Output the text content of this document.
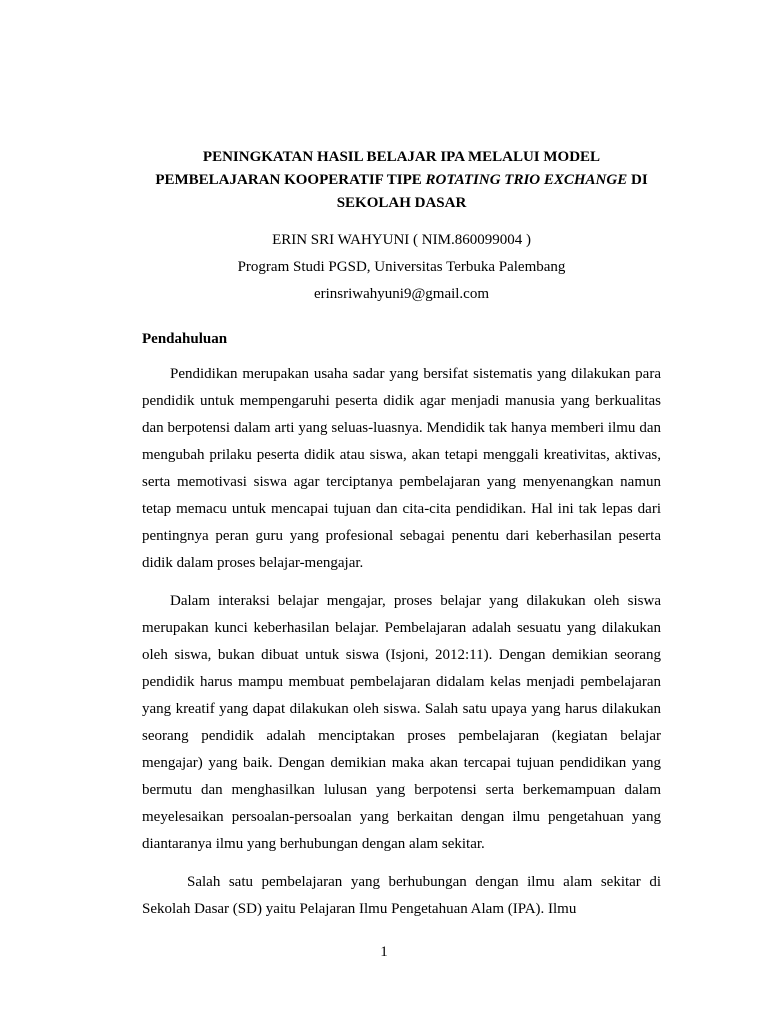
PENINGKATAN HASIL BELAJAR IPA MELALUI MODEL
PEMBELAJARAN KOOPERATIF TIPE ROTATING TRIO EXCHANGE DI
SEKOLAH DASAR

ERIN SRI WAHYUNI ( NIM.860099004 )

Program Studi PGSD, Universitas Terbuka Palembang

erinsriwahyuni9@gmail.com

Pendahuluan

Pendidikan merupakan usaha sadar yang bersifat sistematis yang dilakukan para pendidik untuk mempengaruhi peserta didik agar menjadi manusia yang berkualitas dan berpotensi dalam arti yang seluas-luasnya. Mendidik tak hanya memberi ilmu dan mengubah prilaku peserta didik atau siswa, akan tetapi menggali kreativitas, aktivas, serta memotivasi siswa agar terciptanya pembelajaran yang menyenangkan namun tetap memacu untuk mencapai tujuan dan cita-cita pendidikan. Hal ini tak lepas dari pentingnya peran guru yang profesional sebagai penentu dari keberhasilan peserta didik dalam proses belajar-mengajar.

Dalam interaksi belajar mengajar, proses belajar yang dilakukan oleh siswa merupakan kunci keberhasilan belajar. Pembelajaran adalah sesuatu yang dilakukan oleh siswa, bukan dibuat untuk siswa (Isjoni, 2012:11). Dengan demikian seorang pendidik harus mampu membuat pembelajaran didalam kelas menjadi pembelajaran yang kreatif yang dapat dilakukan oleh siswa. Salah satu upaya yang harus dilakukan seorang pendidik adalah menciptakan proses pembelajaran (kegiatan belajar mengajar) yang baik. Dengan demikian maka akan tercapai tujuan pendidikan yang bermutu dan menghasilkan lulusan yang berpotensi serta berkemampuan dalam meyelesaikan persoalan-persoalan yang berkaitan dengan ilmu pengetahuan yang diantaranya ilmu yang berhubungan dengan alam sekitar.

Salah satu pembelajaran yang berhubungan dengan ilmu alam sekitar di Sekolah Dasar (SD) yaitu Pelajaran Ilmu Pengetahuan Alam (IPA). Ilmu

1
